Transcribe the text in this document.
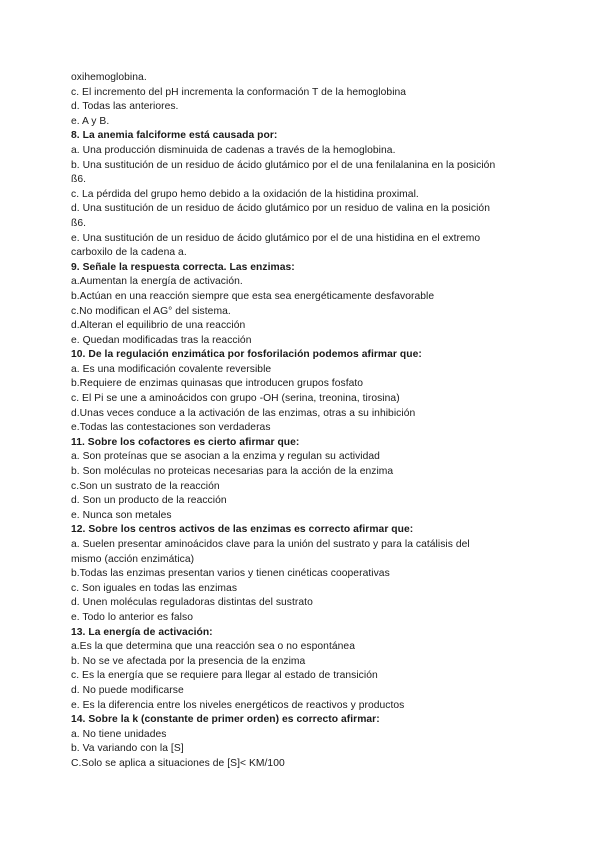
oxihemoglobina.
c. El incremento del pH incrementa la conformación T de la hemoglobina
d. Todas las anteriores.
e. A y B.
8. La anemia falciforme está causada por:
a. Una producción disminuida de cadenas a través de la hemoglobina.
b. Una sustitución de un residuo de ácido glutámico por el de una fenilalanina en la posición
ß6.
c. La pérdida del grupo hemo debido a la oxidación de la histidina proximal.
d. Una sustitución de un residuo de ácido glutámico por un residuo de valina en la posición
ß6.
e. Una sustitución de un residuo de ácido glutámico por el de una histidina en el extremo
carboxilo de la cadena a.
9. Señale la respuesta correcta. Las enzimas:
a.Aumentan la energía de activación.
b.Actúan en una reacción siempre que esta sea energéticamente desfavorable
c.No modifican el AG° del sistema.
d.Alteran el equilibrio de una reacción
e. Quedan modificadas tras la reacción
10. De la regulación enzimática por fosforilación podemos afirmar que:
a. Es una modificación covalente reversible
b.Requiere de enzimas quinasas que introducen grupos fosfato
c. El Pi se une a aminoácidos con grupo -OH (serina, treonina, tirosina)
d.Unas veces conduce a la activación de las enzimas, otras a su inhibición
e.Todas las contestaciones son verdaderas
11. Sobre los cofactores es cierto afirmar que:
a. Son proteínas que se asocian a la enzima y regulan su actividad
b. Son moléculas no proteicas necesarias para la acción de la enzima
c.Son un sustrato de la reacción
d. Son un producto de la reacción
e. Nunca son metales
12. Sobre los centros activos de las enzimas es correcto afirmar que:
a. Suelen presentar aminoácidos clave para la unión del sustrato y para la catálisis del
mismo (acción enzimática)
b.Todas las enzimas presentan varios y tienen cinéticas cooperativas
c. Son iguales en todas las enzimas
d. Unen moléculas reguladoras distintas del sustrato
e. Todo lo anterior es falso
13. La energía de activación:
a.Es la que determina que una reacción sea o no espontánea
b. No se ve afectada por la presencia de la enzima
c. Es la energía que se requiere para llegar al estado de transición
d. No puede modificarse
e. Es la diferencia entre los niveles energéticos de reactivos y productos
14. Sobre la k (constante de primer orden) es correcto afirmar:
a. No tiene unidades
b. Va variando con la [S]
C.Solo se aplica a situaciones de [S]< KM/100
